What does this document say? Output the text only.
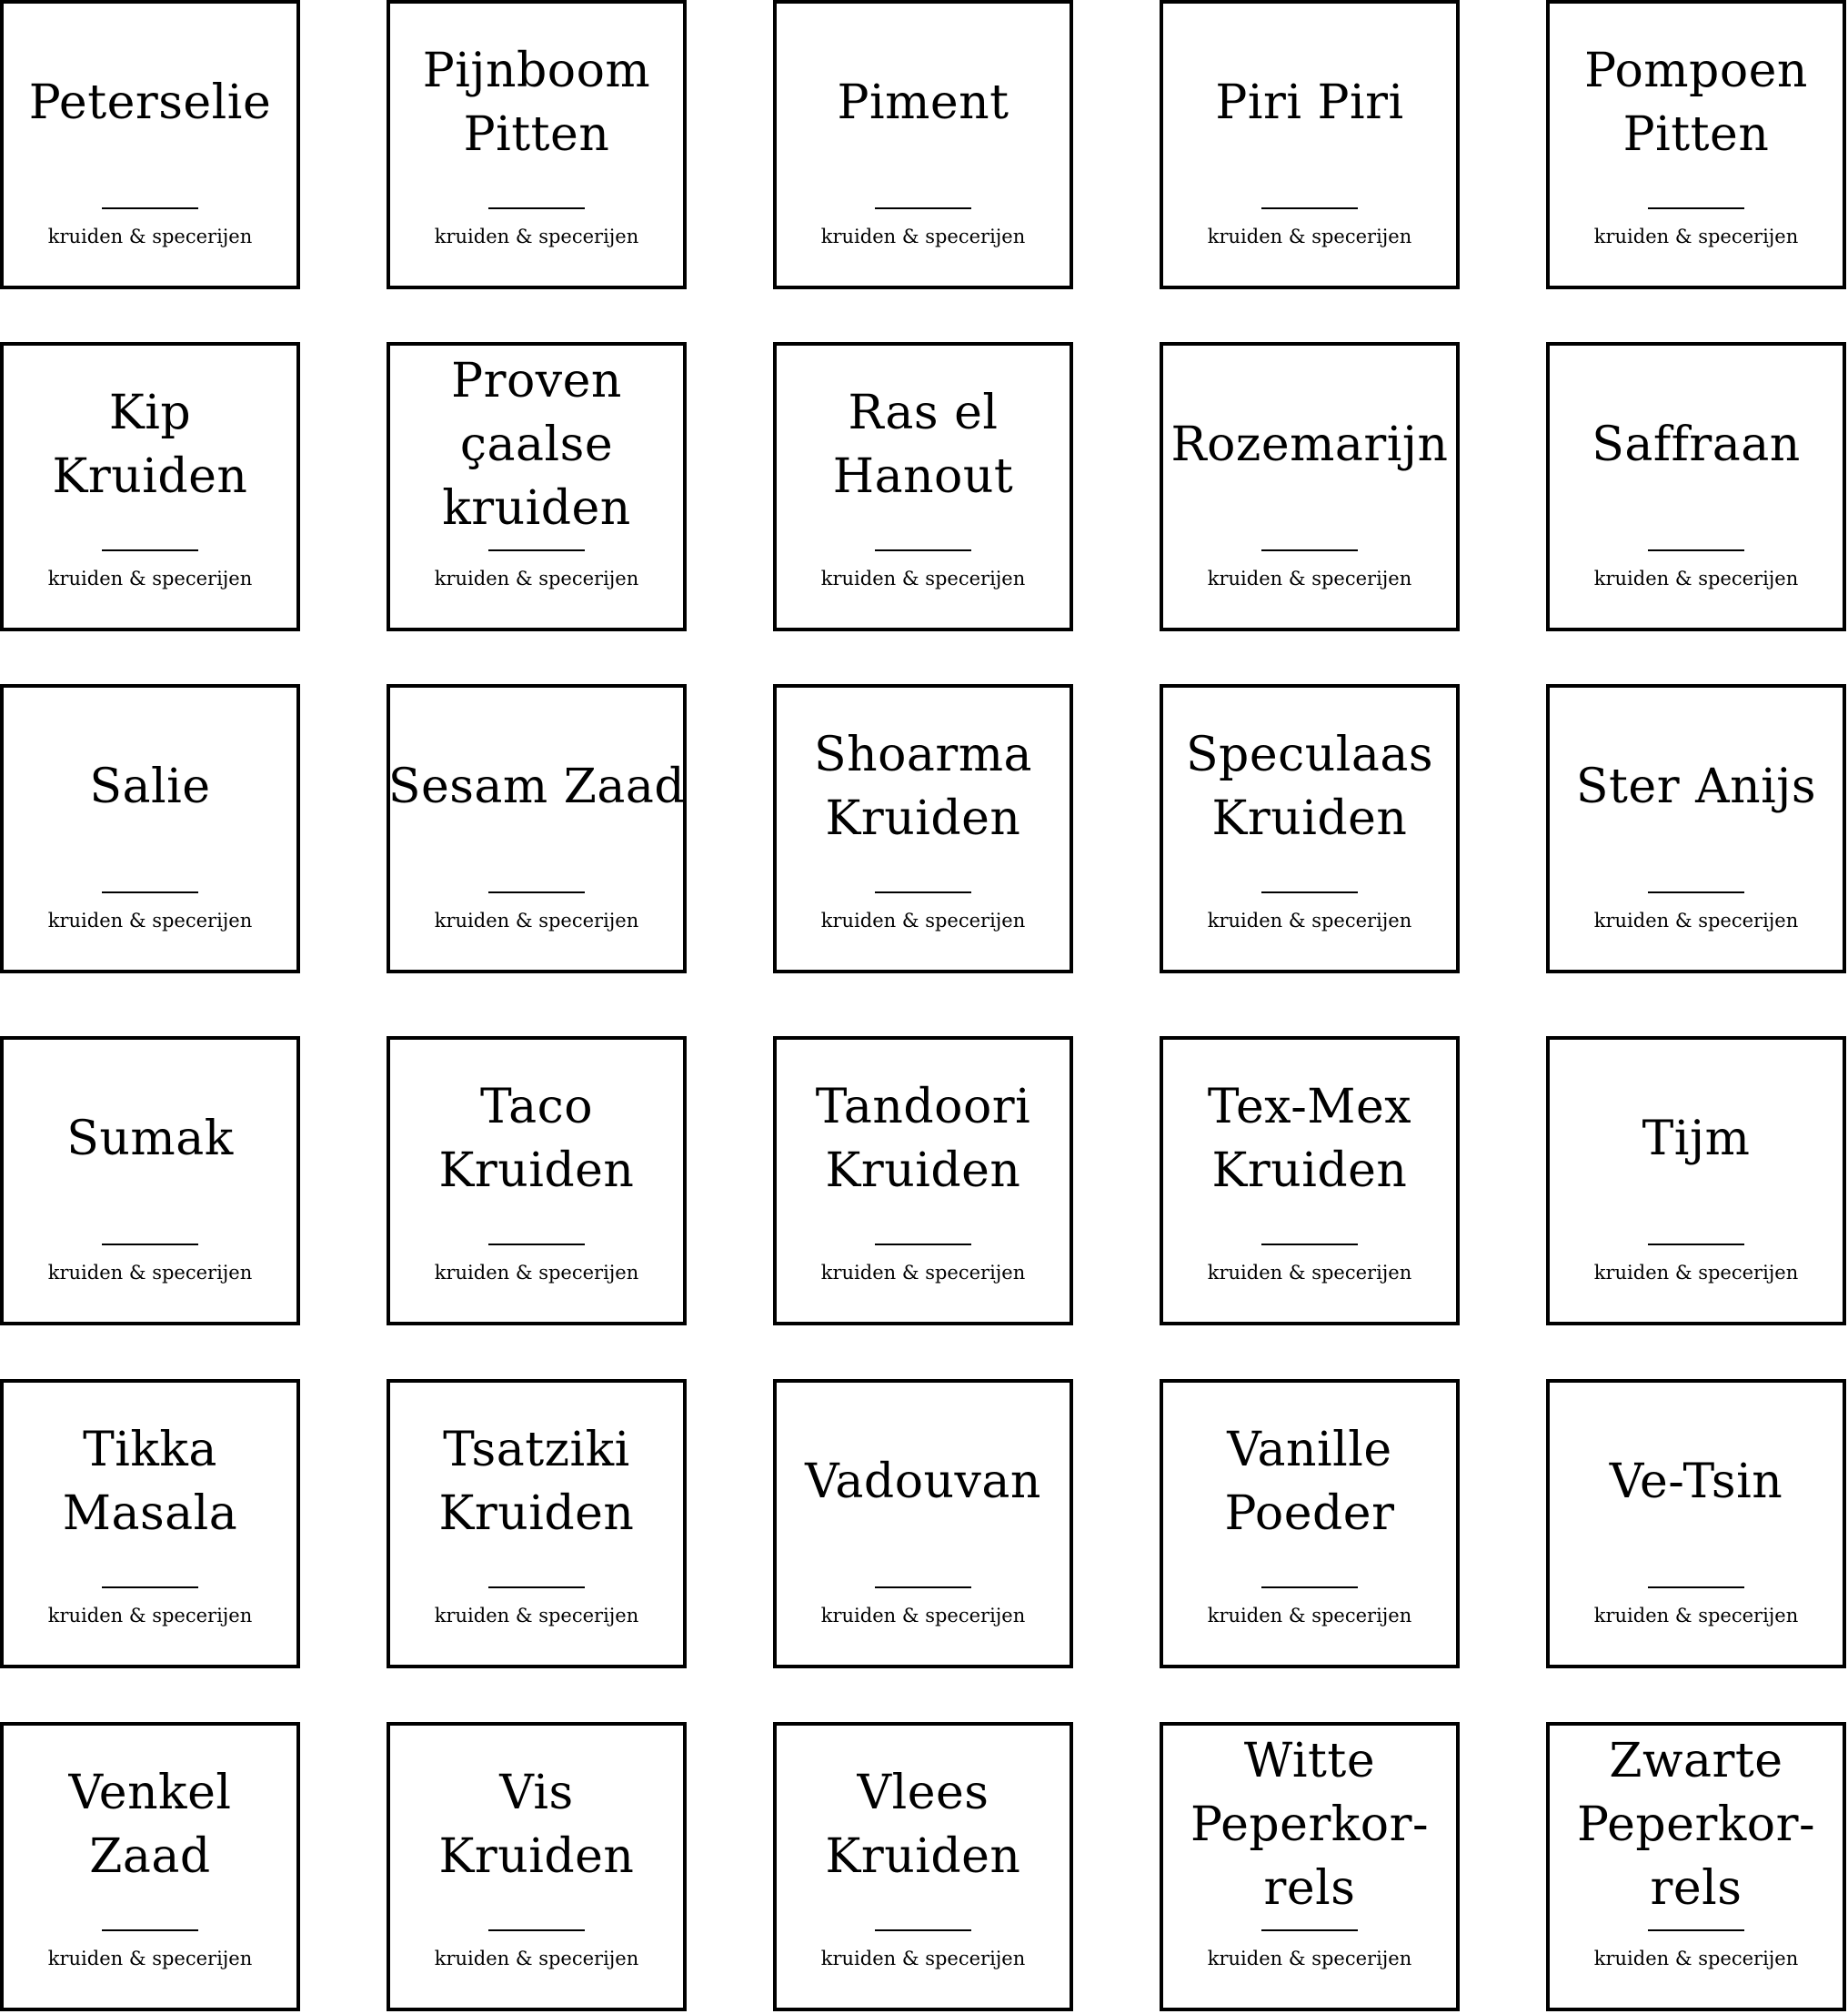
Peterselie
kruiden & specerijen
Pijnboom
Pitten
kruiden & specerijen
Piment
kruiden & specerijen
Piri Piri
kruiden & specerijen
Pompoen
Pitten
kruiden & specerijen
Kip
Kruiden
kruiden & specerijen
Proven
çaalse
kruiden
kruiden & specerijen
Ras el
Hanout
kruiden & specerijen
Rozemarijn
kruiden & specerijen
Saffraan
kruiden & specerijen
Salie
kruiden & specerijen
Sesam Zaad
kruiden & specerijen
Shoarma
Kruiden
kruiden & specerijen
Speculaas
Kruiden
kruiden & specerijen
Ster Anijs
kruiden & specerijen
Sumak
kruiden & specerijen
Taco
Kruiden
kruiden & specerijen
Tandoori
Kruiden
kruiden & specerijen
Tex-Mex
Kruiden
kruiden & specerijen
Tijm
kruiden & specerijen
Tikka
Masala
kruiden & specerijen
Tsatziki
Kruiden
kruiden & specerijen
Vadouvan
kruiden & specerijen
Vanille
Poeder
kruiden & specerijen
Ve-Tsin
kruiden & specerijen
Venkel
Zaad
kruiden & specerijen
Vis
Kruiden
kruiden & specerijen
Vlees
Kruiden
kruiden & specerijen
Witte
Peperkor-
rels
kruiden & specerijen
Zwarte
Peperkor-
rels
kruiden & specerijen
